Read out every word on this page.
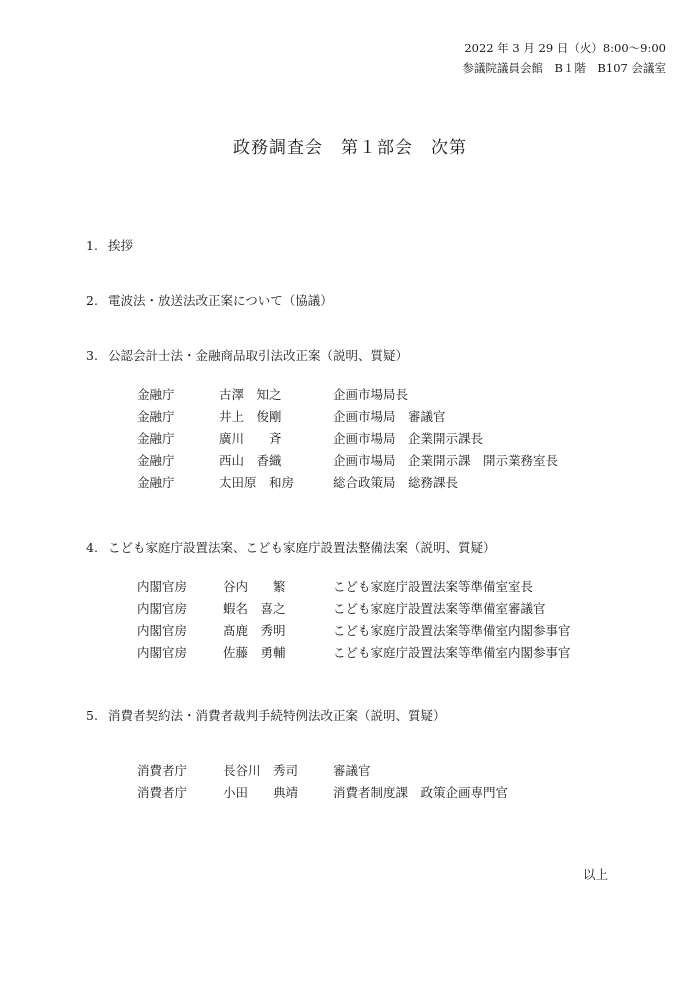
2022 年 3 月 29 日（火）8:00～9:00
参議院議員会館　B１階　B107 会議室
政務調査会　第１部会　次第
1. 挨拶
2. 電波法・放送法改正案について（協議）
3. 公認会計士法・金融商品取引法改正案（説明、質疑）
金融庁	古澤　知之	企画市場局長
金融庁	井上　俊剛	企画市場局　審議官
金融庁	廣川　　斉	企画市場局　企業開示課長
金融庁	西山　香織	企画市場局　企業開示課　開示業務室長
金融庁	太田原　和房	総合政策局　総務課長
4. こども家庭庁設置法案、こども家庭庁設置法整備法案（説明、質疑）
内閣官房	谷内　　繁	こども家庭庁設置法案等準備室室長
内閣官房	蝦名　喜之	こども家庭庁設置法案等準備室審議官
内閣官房	髙鹿　秀明	こども家庭庁設置法案等準備室内閣参事官
内閣官房	佐藤　勇輔	こども家庭庁設置法案等準備室内閣参事官
5. 消費者契約法・消費者裁判手続特例法改正案（説明、質疑）
消費者庁	長谷川　秀司	審議官
消費者庁	小田　　典靖	消費者制度課　政策企画専門官
以上
